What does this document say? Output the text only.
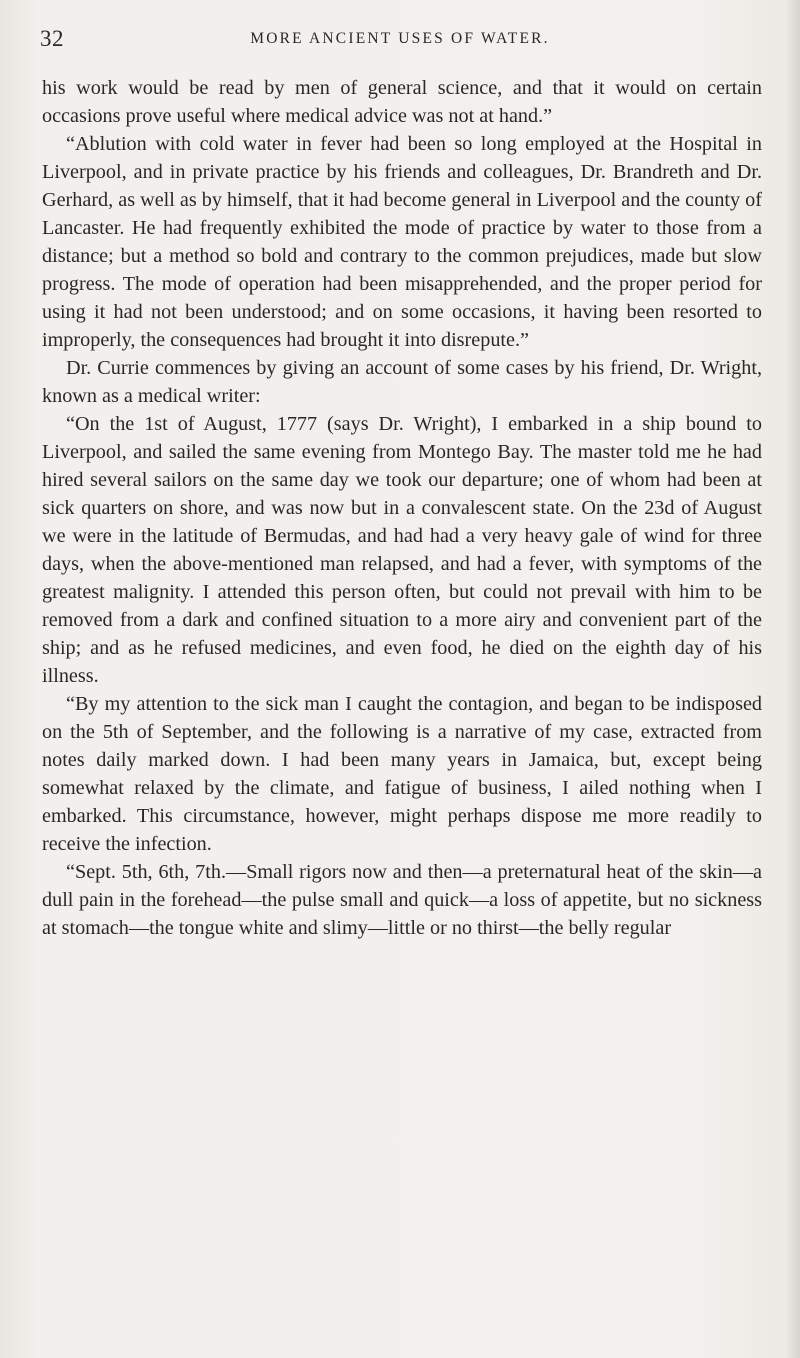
32	MORE ANCIENT USES OF WATER.

his work would be read by men of general science, and that it would on certain occasions prove useful where medical advice was not at hand.”

“Ablution with cold water in fever had been so long employed at the Hospital in Liverpool, and in private practice by his friends and colleagues, Dr. Brandreth and Dr. Gerhard, as well as by himself, that it had become general in Liverpool and the county of Lancaster. He had frequently exhibited the mode of practice by water to those from a distance; but a method so bold and contrary to the common prejudices, made but slow progress. The mode of operation had been misapprehended, and the proper period for using it had not been understood; and on some occasions, it having been resorted to improperly, the consequences had brought it into disrepute.”

Dr. Currie commences by giving an account of some cases by his friend, Dr. Wright, known as a medical writer:

“On the 1st of August, 1777 (says Dr. Wright), I embarked in a ship bound to Liverpool, and sailed the same evening from Montego Bay. The master told me he had hired several sailors on the same day we took our departure; one of whom had been at sick quarters on shore, and was now but in a convalescent state. On the 23d of August we were in the latitude of Bermudas, and had had a very heavy gale of wind for three days, when the above-mentioned man relapsed, and had a fever, with symptoms of the greatest malignity. I attended this person often, but could not prevail with him to be removed from a dark and confined situation to a more airy and convenient part of the ship; and as he refused medicines, and even food, he died on the eighth day of his illness.

“By my attention to the sick man I caught the contagion, and began to be indisposed on the 5th of September, and the following is a narrative of my case, extracted from notes daily marked down. I had been many years in Jamaica, but, except being somewhat relaxed by the climate, and fatigue of business, I ailed nothing when I embarked. This circumstance, however, might perhaps dispose me more readily to receive the infection.

“Sept. 5th, 6th, 7th.—Small rigors now and then—a preternatural heat of the skin—a dull pain in the forehead—the pulse small and quick—a loss of appetite, but no sickness at stomach—the tongue white and slimy—little or no thirst—the belly regular
